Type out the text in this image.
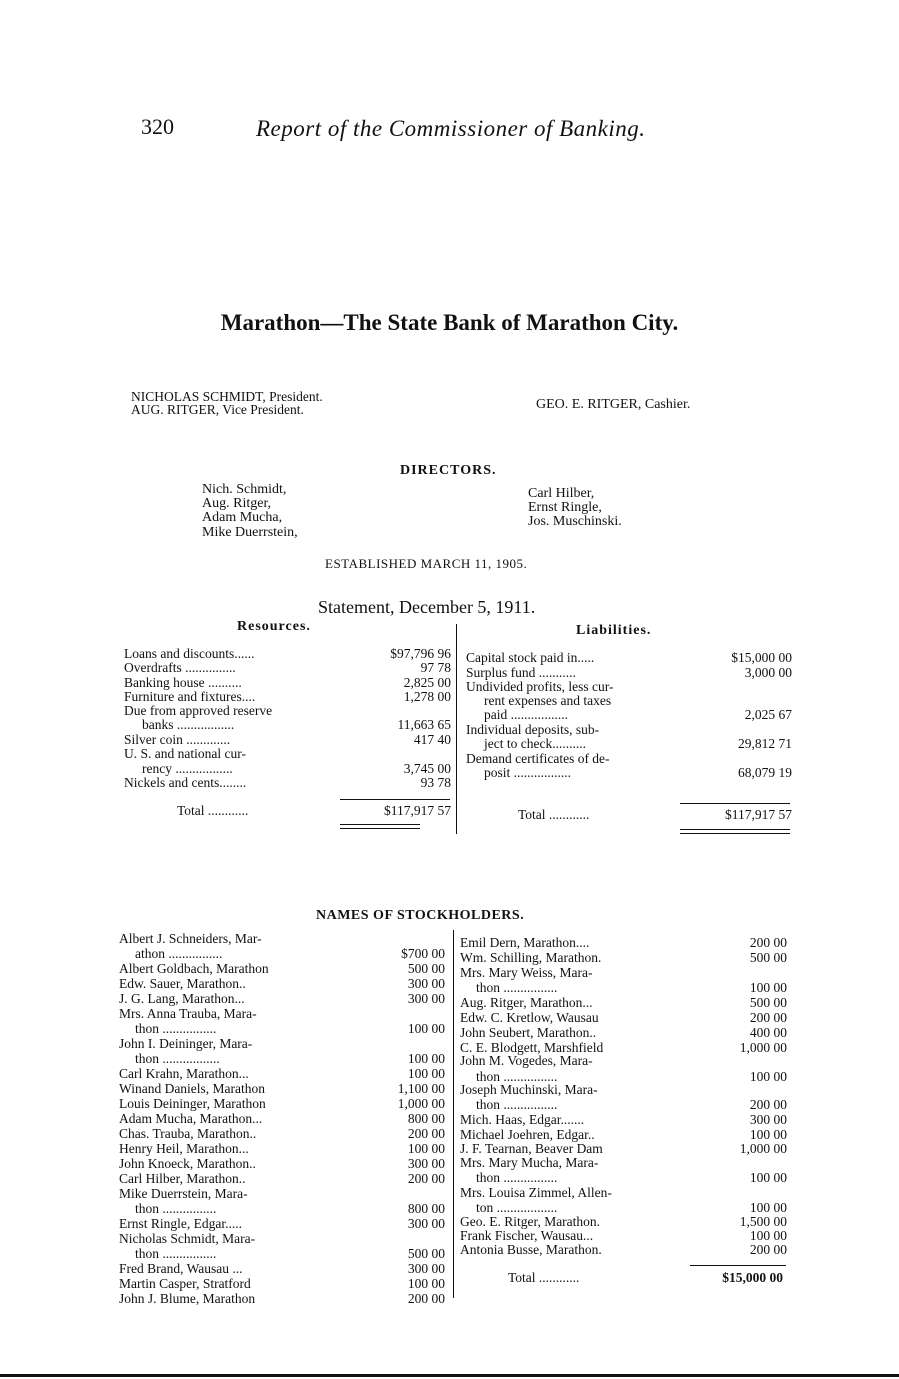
320	Report of the Commissioner of Banking.
Marathon—The State Bank of Marathon City.
NICHOLAS SCHMIDT, President.
AUG. RITGER, Vice President.	GEO. E. RITGER, Cashier.
DIRECTORS.
Nich. Schmidt,
Aug. Ritger,
Adam Mucha,
Mike Duerrstein,
Carl Hilber,
Ernst Ringle,
Jos. Muschinski.
ESTABLISHED MARCH 11, 1905.
Statement, December 5, 1911.
Resources.	Liabilities.
Loans and discounts......	$97,796 96
Overdrafts ...............	97 78
Banking house ..........	2,825 00
Furniture and fixtures....	1,278 00
Due from approved reserve
banks .................	11,663 65
Silver coin .............	417 40
U. S. and national cur-
rency .................	3,745 00
Nickels and cents........	93 78
Total ............	$117,917 57
Capital stock paid in.....	$15,000 00
Surplus fund ...........	3,000 00
Undivided profits, less cur-
rent expenses and taxes
paid .................	2,025 67
Individual deposits, sub-
ject to check..........	29,812 71
Demand certificates of de-
posit .................	68,079 19
Total ............	$117,917 57
NAMES OF STOCKHOLDERS.
Albert J. Schneiders, Mar-
athon ................	$700 00
Albert Goldbach, Marathon	500 00
Edw. Sauer, Marathon..	300 00
J. G. Lang, Marathon...	300 00
Mrs. Anna Trauba, Mara-
thon ................	100 00
John I. Deininger, Mara-
thon .................	100 00
Carl Krahn, Marathon...	100 00
Winand Daniels, Marathon	1,100 00
Louis Deininger, Marathon	1,000 00
Adam Mucha, Marathon...	800 00
Chas. Trauba, Marathon..	200 00
Henry Heil, Marathon...	100 00
John Knoeck, Marathon..	300 00
Carl Hilber, Marathon..	200 00
Mike Duerrstein, Mara-
thon ................	800 00
Ernst Ringle, Edgar.....	300 00
Nicholas Schmidt, Mara-
thon ................	500 00
Fred Brand, Wausau ...	300 00
Martin Casper, Stratford	100 00
John J. Blume, Marathon	200 00
Emil Dern, Marathon....	200 00
Wm. Schilling, Marathon.	500 00
Mrs. Mary Weiss, Mara-
thon ................	100 00
Aug. Ritger, Marathon...	500 00
Edw. C. Kretlow, Wausau	200 00
John Seubert, Marathon..	400 00
C. E. Blodgett, Marshfield	1,000 00
John M. Vogedes, Mara-
thon ................	100 00
Joseph Muchinski, Mara-
thon ................	200 00
Mich. Haas, Edgar.......	300 00
Michael Joehren, Edgar..	100 00
J. F. Tearnan, Beaver Dam	1,000 00
Mrs. Mary Mucha, Mara-
thon ................	100 00
Mrs. Louisa Zimmel, Allen-
ton ..................	100 00
Geo. E. Ritger, Marathon.	1,500 00
Frank Fischer, Wausau...	100 00
Antonia Busse, Marathon.	200 00
Total ............	$15,000 00
